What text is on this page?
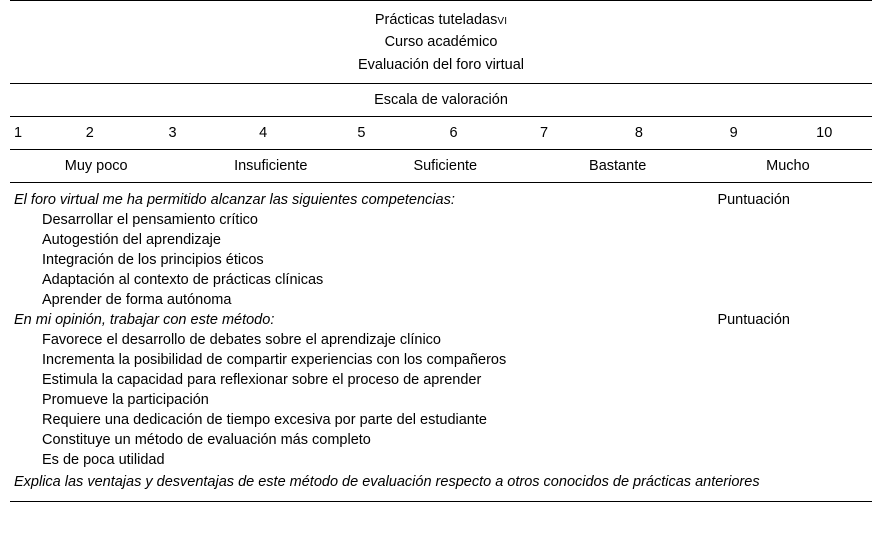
Prácticas tuteladasVI
Curso académico
Evaluación del foro virtual
Escala de valoración
1	2	3	4	5	6	7	8	9	10
Muy poco	Insuficiente	Suficiente	Bastante	Mucho
El foro virtual me ha permitido alcanzar las siguientes competencias:	Puntuación
Desarrollar el pensamiento crítico
Autogestión del aprendizaje
Integración de los principios éticos
Adaptación al contexto de prácticas clínicas
Aprender de forma autónoma
En mi opinión, trabajar con este método:	Puntuación
Favorece el desarrollo de debates sobre el aprendizaje clínico
Incrementa la posibilidad de compartir experiencias con los compañeros
Estimula la capacidad para reflexionar sobre el proceso de aprender
Promueve la participación
Requiere una dedicación de tiempo excesiva por parte del estudiante
Constituye un método de evaluación más completo
Es de poca utilidad
Explica las ventajas y desventajas de este método de evaluación respecto a otros conocidos de prácticas anteriores
